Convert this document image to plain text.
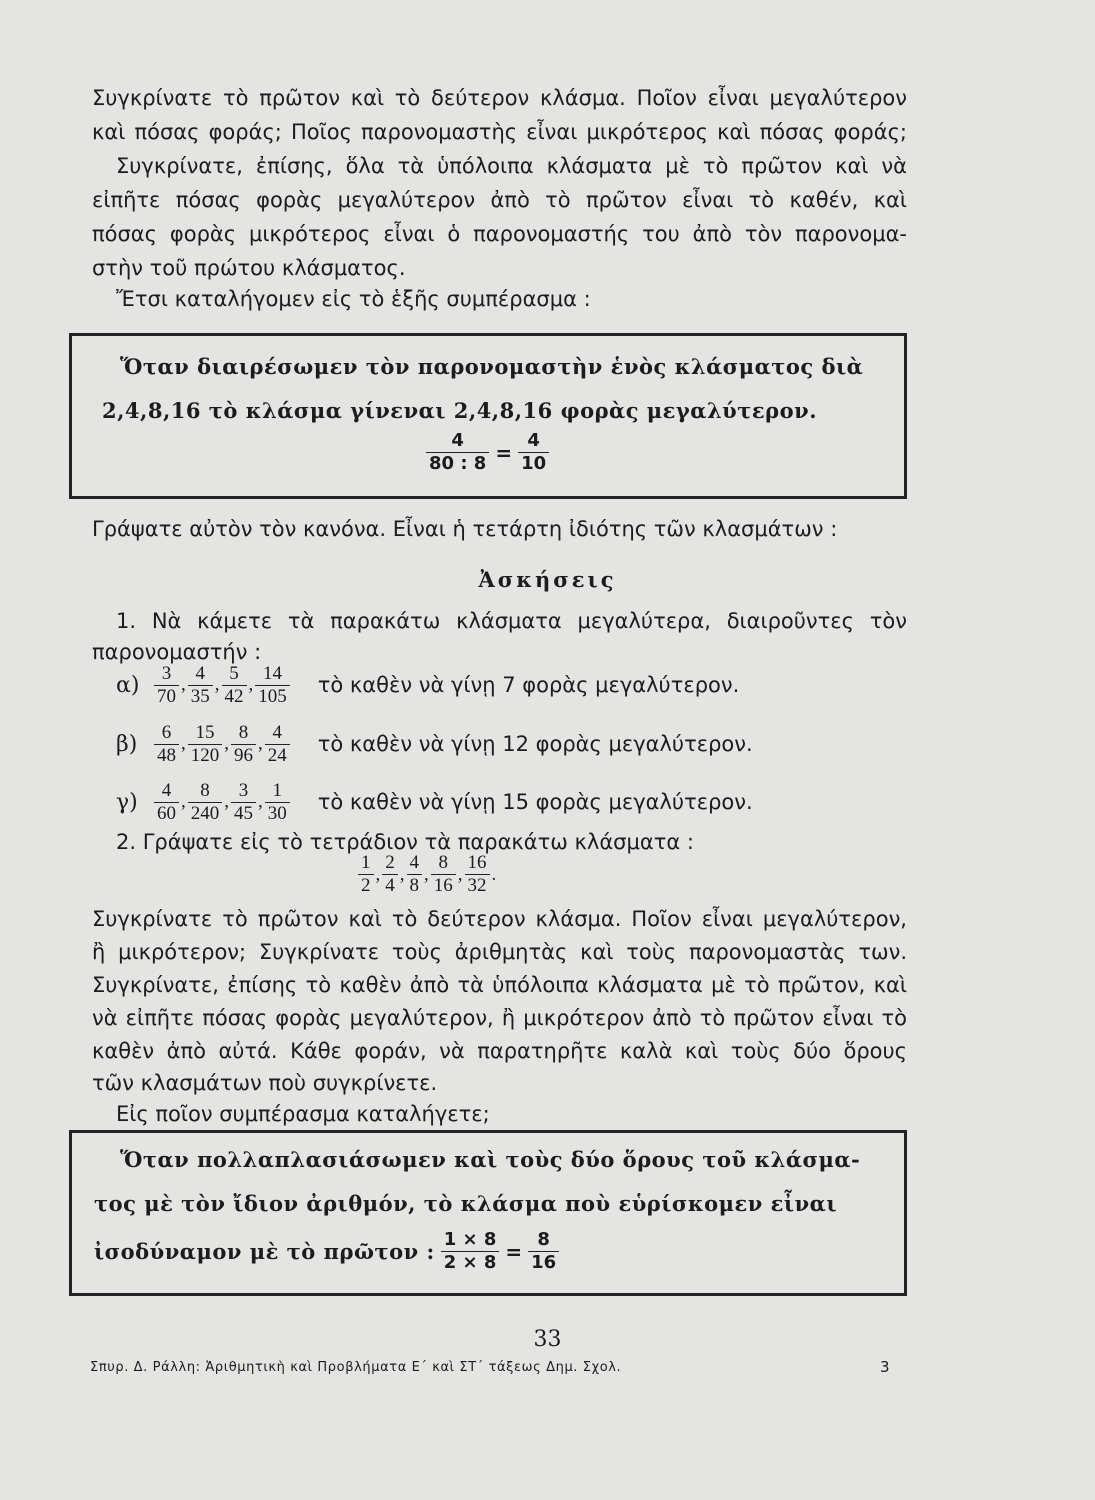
Συγκρίνατε τὸ πρῶτον καὶ τὸ δεύτερον κλάσμα. Ποῖον εἶναι μεγαλύτερον
καὶ πόσας φοράς; Ποῖος παρονομαστὴς εἶναι μικρότερος καὶ πόσας φοράς;
Συγκρίνατε, ἐπίσης, ὅλα τὰ ὑπόλοιπα κλάσματα μὲ τὸ πρῶτον καὶ νὰ
εἰπῆτε πόσας φορὰς μεγαλύτερον ἀπὸ τὸ πρῶτον εἶναι τὸ καθέν, καὶ
πόσας φορὰς μικρότερος εἶναι ὁ παρονομαστής του ἀπὸ τὸν παρονομα-
στὴν τοῦ πρώτου κλάσματος.
Ἔτσι καταλήγομεν εἰς τὸ ἑξῆς συμπέρασμα :
Ὅταν διαιρέσωμεν τὸν παρονομαστὴν ἑνὸς κλάσματος διὰ
2,4,8,16 τὸ κλάσμα γίνεναι 2,4,8,16 φορὰς μεγαλύτερον.
$\frac{4}{80 : 8} = \frac{4}{10}$
Γράψατε αὐτὸν τὸν κανόνα. Εἶναι ἡ τετάρτη ἰδιότης τῶν κλασμάτων :
Ἀσκήσεις
1. Νὰ κάμετε τὰ παρακάτω κλάσματα μεγαλύτερα, διαιροῦντες τὸν
παρονομαστήν :
$\alpha) \frac{3}{70}$ , $\frac{4}{35}$ , $\frac{5}{42}$ , $\frac{14}{105}$ τὸ καθὲν νὰ γίνῃ 7 φορὰς μεγαλύτερον.
$\beta) \frac{6}{48}$ , $\frac{15}{120}$ , $\frac{8}{96}$ , $\frac{4}{24}$ τὸ καθὲν νὰ γίνῃ 12 φορὰς μεγαλύτερον.
$\gamma) \frac{4}{60}$ , $\frac{8}{240}$ , $\frac{3}{45}$ , $\frac{1}{30}$ τὸ καθὲν νὰ γίνῃ 15 φορὰς μεγαλύτερον.
2. Γράψατε εἰς τὸ τετράδιον τὰ παρακάτω κλάσματα :
$\frac{1}{2}$ , $\frac{2}{4}$ , $\frac{4}{8}$ , $\frac{8}{16}$ , $\frac{16}{32}$ .
Συγκρίνατε τὸ πρῶτον καὶ τὸ δεύτερον κλάσμα. Ποῖον εἶναι μεγαλύτερον,
ἢ μικρότερον; Συγκρίνατε τοὺς ἀριθμητὰς καὶ τοὺς παρονομαστὰς των.
Συγκρίνατε, ἐπίσης τὸ καθὲν ἀπὸ τὰ ὑπόλοιπα κλάσματα μὲ τὸ πρῶτον, καὶ
νὰ εἰπῆτε πόσας φορὰς μεγαλύτερον, ἢ μικρότερον ἀπὸ τὸ πρῶτον εἶναι τὸ
καθὲν ἀπὸ αὐτά. Κάθε φοράν, νὰ παρατηρῆτε καλὰ καὶ τοὺς δύο ὅρους
τῶν κλασμάτων ποὺ συγκρίνετε.
Εἰς ποῖον συμπέρασμα καταλήγετε;
Ὅταν πολλαπλασιάσωμεν καὶ τοὺς δύο ὅρους τοῦ κλάσμα-
τος μὲ τὸν ἴδιον ἀριθμόν, τὸ κλάσμα ποὺ εὑρίσκομεν εἶναι
ἰσοδύναμον μὲ τὸ πρῶτον : $\frac{1 \times 8}{2 \times 8} = \frac{8}{16}$
33
Σπυρ. Δ. Ράλλη: Ἀριθμητικὴ καὶ Προβλήματα Ε΄ καὶ ΣΤ΄ τάξεως Δημ. Σχολ.	3
